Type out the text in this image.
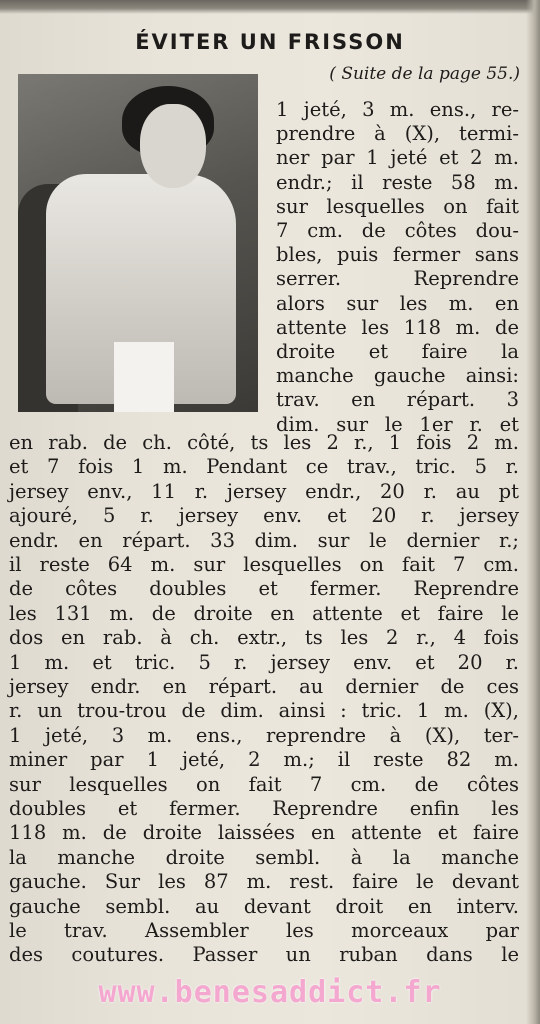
ÉVITER UN FRISSON
( Suite de la page 55.)
1 jeté, 3 m. ens., re-
prendre à (X), termi-
ner par 1 jeté et 2 m.
endr.; il reste 58 m.
sur lesquelles on fait
7 cm. de côtes dou-
bles, puis fermer sans
serrer. Reprendre
alors sur les m. en
attente les 118 m. de
droite et faire la
manche gauche ainsi:
trav. en répart. 3
dim. sur le 1er r. et
en rab. de ch. côté, ts les 2 r., 1 fois 2 m.
et 7 fois 1 m. Pendant ce trav., tric. 5 r.
jersey env., 11 r. jersey endr., 20 r. au pt
ajouré, 5 r. jersey env. et 20 r. jersey
endr. en répart. 33 dim. sur le dernier r.;
il reste 64 m. sur lesquelles on fait 7 cm.
de côtes doubles et fermer. Reprendre
les 131 m. de droite en attente et faire le
dos en rab. à ch. extr., ts les 2 r., 4 fois
1 m. et tric. 5 r. jersey env. et 20 r.
jersey endr. en répart. au dernier de ces
r. un trou-trou de dim. ainsi : tric. 1 m. (X),
1 jeté, 3 m. ens., reprendre à (X), ter-
miner par 1 jeté, 2 m.; il reste 82 m.
sur lesquelles on fait 7 cm. de côtes
doubles et fermer. Reprendre enfin les
118 m. de droite laissées en attente et faire
la manche droite sembl. à la manche
gauche. Sur les 87 m. rest. faire le devant
gauche sembl. au devant droit en interv.
le trav. Assembler les morceaux par
des coutures. Passer un ruban dans le
www.benesaddict.fr
